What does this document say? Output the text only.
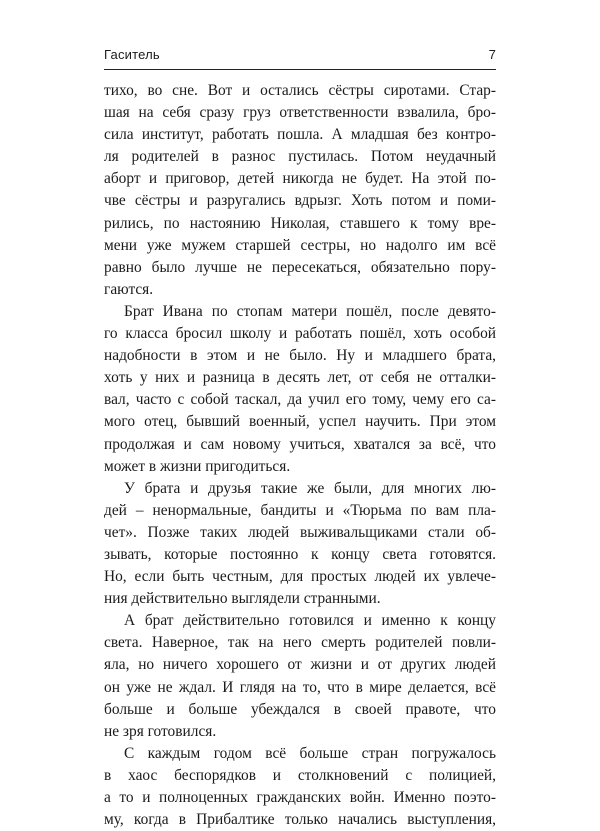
Гаситель	7
тихо, во сне. Вот и остались сёстры сиротами. Стар-
шая на себя сразу груз ответственности взвалила, бро-
сила институт, работать пошла. А младшая без контро-
ля родителей в разнос пустилась. Потом неудачный
аборт и приговор, детей никогда не будет. На этой по-
чве сёстры и разругались вдрызг. Хоть потом и поми-
рились, по настоянию Николая, ставшего к тому вре-
мени уже мужем старшей сестры, но надолго им всё
равно было лучше не пересекаться, обязательно пору-
гаются.
Брат Ивана по стопам матери пошёл, после девято-
го класса бросил школу и работать пошёл, хоть особой
надобности в этом и не было. Ну и младшего брата,
хоть у них и разница в десять лет, от себя не отталки-
вал, часто с собой таскал, да учил его тому, чему его са-
мого отец, бывший военный, успел научить. При этом
продолжая и сам новому учиться, хватался за всё, что
может в жизни пригодиться.
У брата и друзья такие же были, для многих лю-
дей – ненормальные, бандиты и «Тюрьма по вам пла-
чет». Позже таких людей выживальщиками стали об-
зывать, которые постоянно к концу света готовятся.
Но, если быть честным, для простых людей их увлече-
ния действительно выглядели странными.
А брат действительно готовился и именно к концу
света. Наверное, так на него смерть родителей повли-
яла, но ничего хорошего от жизни и от других людей
он уже не ждал. И глядя на то, что в мире делается, всё
больше и больше убеждался в своей правоте, что
не зря готовился.
С каждым годом всё больше стран погружалось
в хаос беспорядков и столкновений с полицией,
а то и полноценных гражданских войн. Именно поэто-
му, когда в Прибалтике только начались выступления,
